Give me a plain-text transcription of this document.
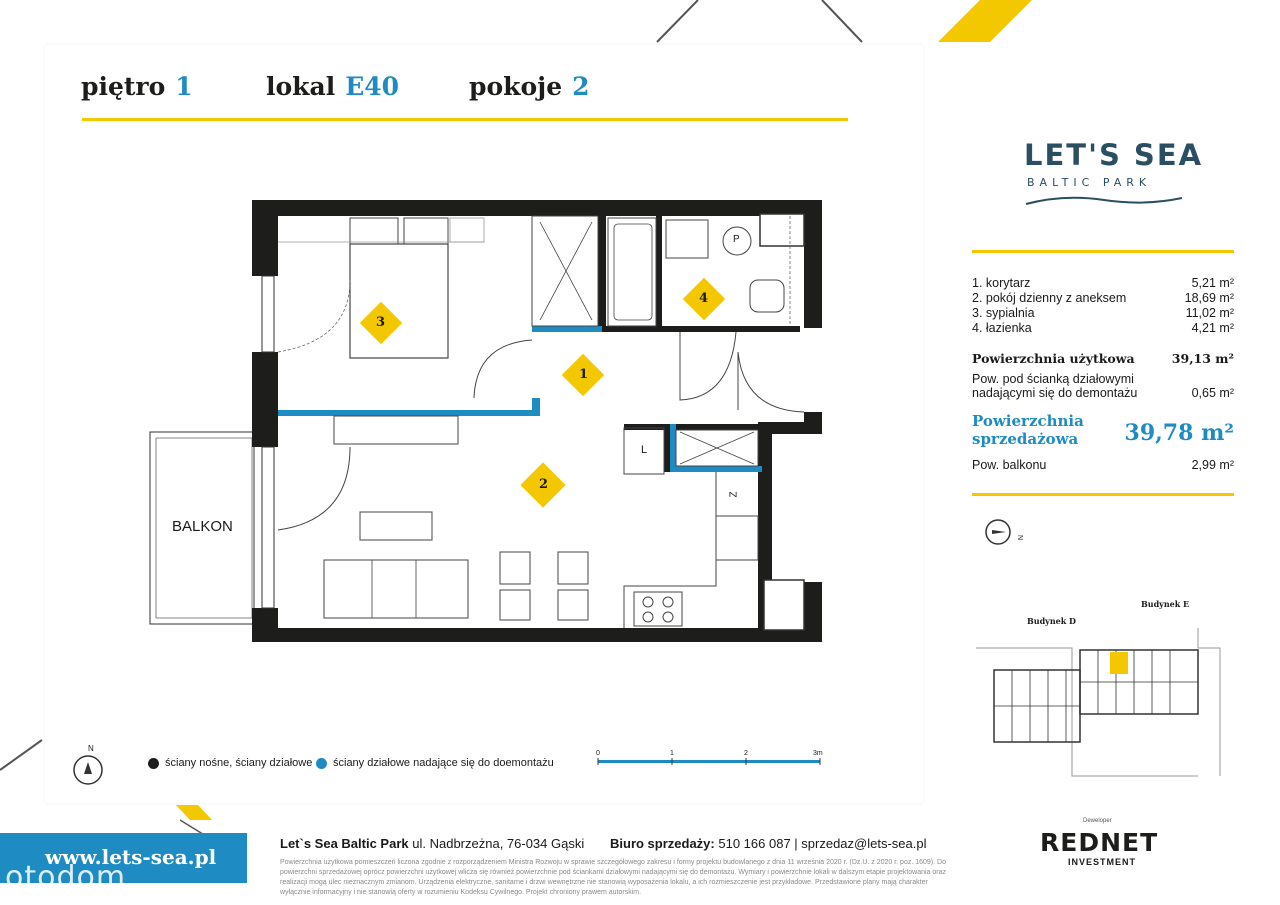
piętro 1	lokal E40	pokoje 2
3
1
2
4
BALKON
L
Z
P
N
ściany nośne, ściany działowe ściany działowe nadające się do doemontażu
0	1	2	3m
LET'S SEA
BALTIC PARK
1. korytarz	5,21 m²
2. pokój dzienny z aneksem	18,69 m²
3. sypialnia	11,02 m²
4. łazienka	4,21 m²
Powierzchnia użytkowa	39,13 m²
Pow. pod ścianką działowymi
nadającymi się do demontażu	0,65 m²
Powierzchnia
sprzedażowa 39,78 m²
Pow. balkonu	2,99 m²
N
Budynek E
Budynek D
www.lets-sea.pl
otodom
Let`s Sea Baltic Park ul. Nadbrzeżna, 76-034 Gąski Biuro sprzedaży: 510 166 087 | sprzedaz@lets-sea.pl
Powierzchnia użytkowa pomieszczeń liczona zgodnie z rozporządzeniem Ministra Rozwoju w sprawie szczegółowego zakresu i formy projektu budowlanego z dnia 11 września 2020 r. (Dz.U. z 2020 r. poz. 1609). Do powierzchni sprzedażowej oprócz powierzchni użytkowej wlicza się również powierzchnie pod ściankami działowymi nadającymi się do demontażu. Wymiary i powierzchnie lokali w dalszym etapie projektowania oraz realizacji mogą ulec nieznacznym zmianom. Urządzenia elektryczne, sanitarne i drzwi wewnętrzne nie stanowią wyposażenia lokalu, a ich rozmieszczenie jest przykładowe. Przedstawione plany mają charakter wyłącznie informacyjny i nie stanowią oferty w rozumieniu Kodeksu Cywilnego. Projekt chroniony prawem autorskim.
Deweloper
REDNET
INVESTMENT
